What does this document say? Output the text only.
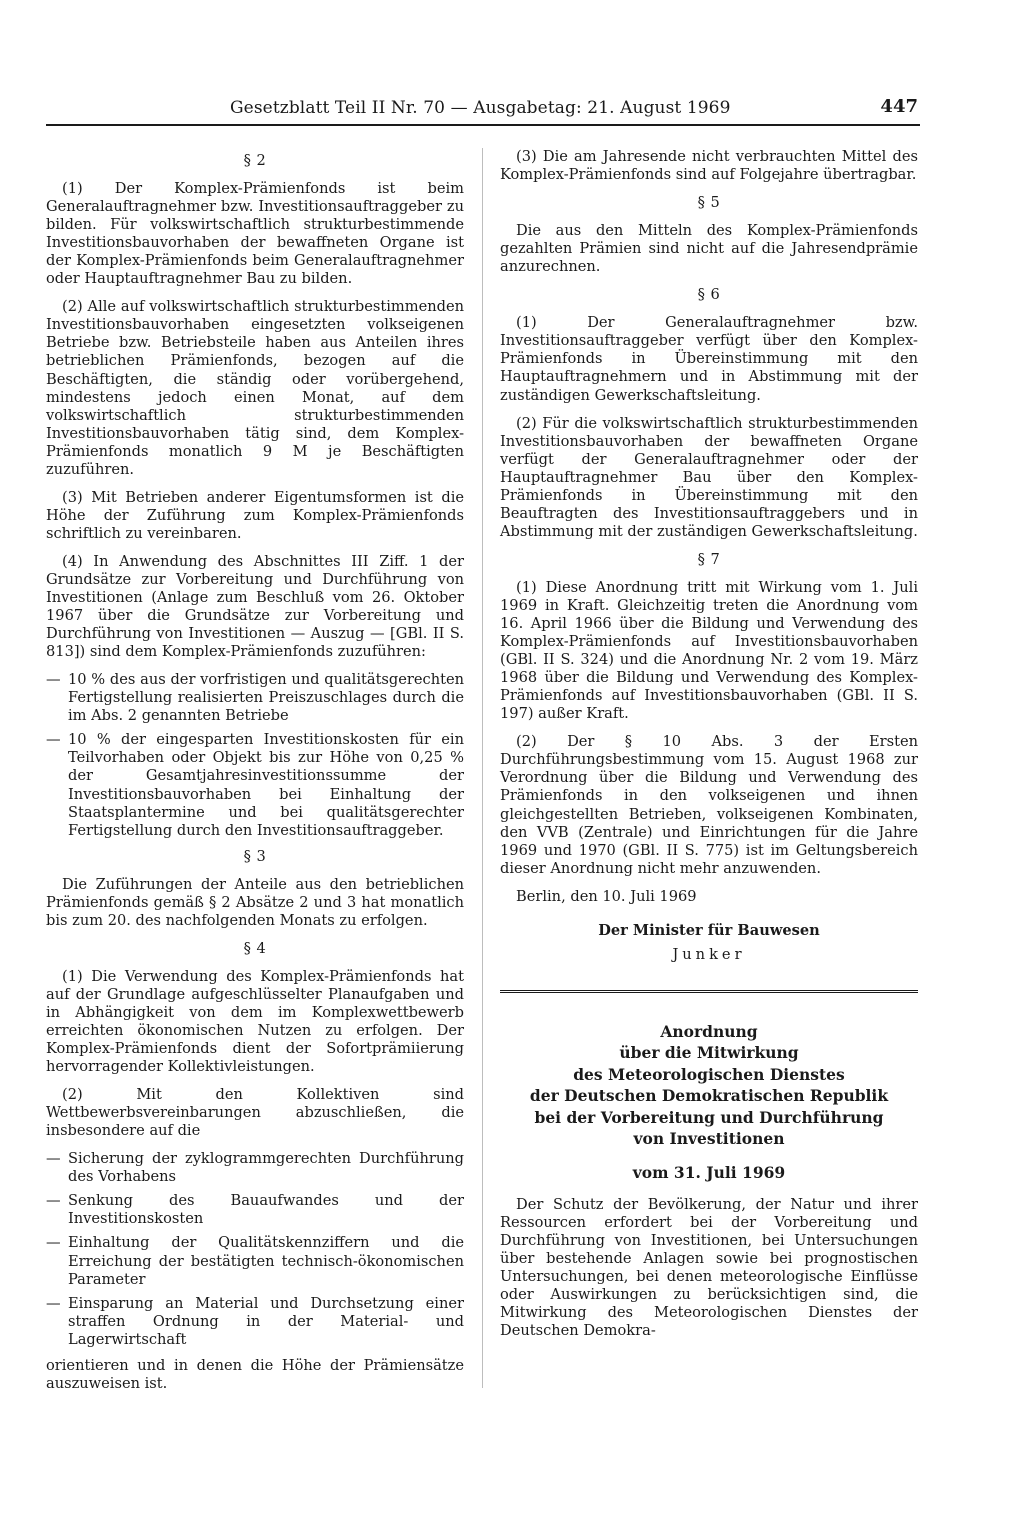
Gesetzblatt Teil II Nr. 70 — Ausgabetag: 21. August 1969	447
§ 2

(1) Der Komplex-Prämienfonds ist beim Generalauftragnehmer bzw. Investitionsauftraggeber zu bilden. Für volkswirtschaftlich strukturbestimmende Investitionsbauvorhaben der bewaffneten Organe ist der Komplex-Prämienfonds beim Generalauftragnehmer oder Hauptauftragnehmer Bau zu bilden.

(2) Alle auf volkswirtschaftlich strukturbestimmenden Investitionsbauvorhaben eingesetzten volkseigenen Betriebe bzw. Betriebsteile haben aus Anteilen ihres betrieblichen Prämienfonds, bezogen auf die Beschäftigten, die ständig oder vorübergehend, mindestens jedoch einen Monat, auf dem volkswirtschaftlich strukturbestimmenden Investitionsbauvorhaben tätig sind, dem Komplex-Prämienfonds monatlich 9 M je Beschäftigten zuzuführen.

(3) Mit Betrieben anderer Eigentumsformen ist die Höhe der Zuführung zum Komplex-Prämienfonds schriftlich zu vereinbaren.

(4) In Anwendung des Abschnittes III Ziff. 1 der Grundsätze zur Vorbereitung und Durchführung von Investitionen (Anlage zum Beschluß vom 26. Oktober 1967 über die Grundsätze zur Vorbereitung und Durchführung von Investitionen — Auszug — [GBl. II S. 813]) sind dem Komplex-Prämienfonds zuzuführen:

— 10 % des aus der vorfristigen und qualitätsgerechten Fertigstellung realisierten Preiszuschlages durch die im Abs. 2 genannten Betriebe
— 10 % der eingesparten Investitionskosten für ein Teilvorhaben oder Objekt bis zur Höhe von 0,25 % der Gesamtjahresinvestitionssumme der Investitionsbauvorhaben bei Einhaltung der Staatsplantermine und bei qualitätsgerechter Fertigstellung durch den Investitionsauftraggeber.
§ 3

Die Zuführungen der Anteile aus den betrieblichen Prämienfonds gemäß § 2 Absätze 2 und 3 hat monatlich bis zum 20. des nachfolgenden Monats zu erfolgen.

§ 4

(1) Die Verwendung des Komplex-Prämienfonds hat auf der Grundlage aufgeschlüsselter Planaufgaben und in Abhängigkeit von dem im Komplexwettbewerb erreichten ökonomischen Nutzen zu erfolgen. Der Komplex-Prämienfonds dient der Sofortprämiierung hervorragender Kollektivleistungen.

(2) Mit den Kollektiven sind Wettbewerbsvereinbarungen abzuschließen, die insbesondere auf die

— Sicherung der zyklogrammgerechten Durchführung des Vorhabens
— Senkung des Bauaufwandes und der Investitionskosten
— Einhaltung der Qualitätskennziffern und die Erreichung der bestätigten technisch-ökonomischen Parameter
— Einsparung an Material und Durchsetzung einer straffen Ordnung in der Material- und Lagerwirtschaft

orientieren und in denen die Höhe der Prämiensätze auszuweisen ist.

(3) Die am Jahresende nicht verbrauchten Mittel des Komplex-Prämienfonds sind auf Folgejahre übertragbar.

§ 5

Die aus den Mitteln des Komplex-Prämienfonds gezahlten Prämien sind nicht auf die Jahresendprämie anzurechnen.

§ 6

(1) Der Generalauftragnehmer bzw. Investitionsauftraggeber verfügt über den Komplex-Prämienfonds in Übereinstimmung mit den Hauptauftragnehmern und in Abstimmung mit der zuständigen Gewerkschaftsleitung.

(2) Für die volkswirtschaftlich strukturbestimmenden Investitionsbauvorhaben der bewaffneten Organe verfügt der Generalauftragnehmer oder der Hauptauftragnehmer Bau über den Komplex-Prämienfonds in Übereinstimmung mit den Beauftragten des Investitionsauftraggebers und in Abstimmung mit der zuständigen Gewerkschaftsleitung.

§ 7

(1) Diese Anordnung tritt mit Wirkung vom 1. Juli 1969 in Kraft. Gleichzeitig treten die Anordnung vom 16. April 1966 über die Bildung und Verwendung des Komplex-Prämienfonds auf Investitionsbauvorhaben (GBl. II S. 324) und die Anordnung Nr. 2 vom 19. März 1968 über die Bildung und Verwendung des Komplex-Prämienfonds auf Investitionsbauvorhaben (GBl. II S. 197) außer Kraft.

(2) Der § 10 Abs. 3 der Ersten Durchführungsbestimmung vom 15. August 1968 zur Verordnung über die Bildung und Verwendung des Prämienfonds in den volkseigenen und ihnen gleichgestellten Betrieben, volkseigenen Kombinaten, den VVB (Zentrale) und Einrichtungen für die Jahre 1969 und 1970 (GBl. II S. 775) ist im Geltungsbereich dieser Anordnung nicht mehr anzuwenden.

Berlin, den 10. Juli 1969
Der Minister für Bauwesen
Junker
Anordnung
über die Mitwirkung
des Meteorologischen Dienstes
der Deutschen Demokratischen Republik
bei der Vorbereitung und Durchführung
von Investitionen
vom 31. Juli 1969

Der Schutz der Bevölkerung, der Natur und ihrer Ressourcen erfordert bei der Vorbereitung und Durchführung von Investitionen, bei Untersuchungen über bestehende Anlagen sowie bei prognostischen Untersuchungen, bei denen meteorologische Einflüsse oder Auswirkungen zu berücksichtigen sind, die Mitwirkung des Meteorologischen Dienstes der Deutschen Demokra-
